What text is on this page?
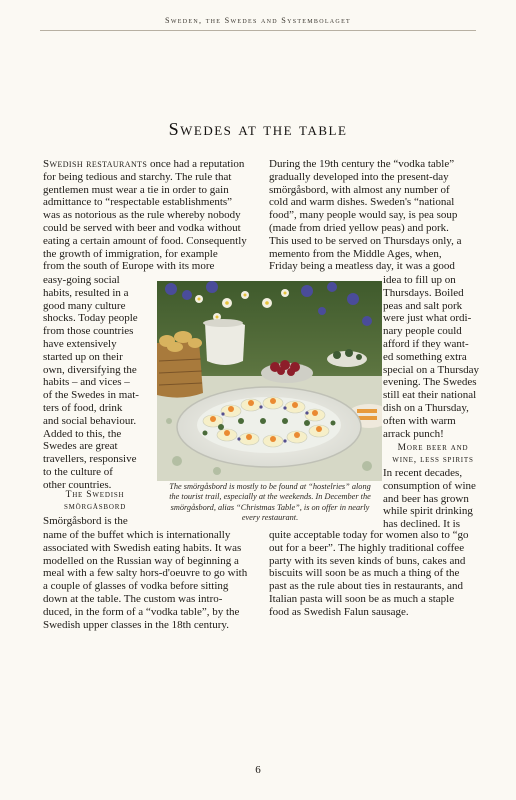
Sweden, the Swedes and Systembolaget
Swedes at the table
Swedish restaurants once had a reputation
for being tedious and starchy. The rule that
gentlemen must wear a tie in order to gain
admittance to “respectable establishments”
was as notorious as the rule whereby nobody
could be served with beer and vodka without
eating a certain amount of food. Consequently
the growth of immigration, for example
from the south of Europe with its more
easy-going social
habits, resulted in a
good many culture
shocks. Today people
from those countries
have extensively
started up on their
own, diversifying the
habits – and vices –
of the Swedes in mat-
ters of food, drink
and social behaviour.
Added to this, the
Swedes are great
travellers, responsive
to the culture of
other countries.
The Swedish
smörgåsbord
Smörgåsbord is the
name of the buffet which is internationally
associated with Swedish eating habits. It was
modelled on the Russian way of beginning a
meal with a few salty hors-d'oeuvre to go with
a couple of glasses of vodka before sitting
down at the table. The custom was intro-
duced, in the form of a “vodka table”, by the
Swedish upper classes in the 18th century.
During the 19th century the “vodka table”
gradually developed into the present-day
smörgåsbord, with almost any number of
cold and warm dishes. Sweden's “national
food”, many people would say, is pea soup
(made from dried yellow peas) and pork.
This used to be served on Thursdays only, a
memento from the Middle Ages, when,
Friday being a meatless day, it was a good
idea to fill up on
Thursdays. Boiled
peas and salt pork
were just what ordi-
nary people could
afford if they want-
ed something extra
special on a Thursday
evening. The Swedes
still eat their national
dish on a Thursday,
often with warm
arrack punch!
More beer and
wine, less spirits
In recent decades,
consumption of wine
and beer has grown
while spirit drinking
has declined. It is
quite acceptable today for women also to “go
out for a beer”. The highly traditional coffee
party with its seven kinds of buns, cakes and
biscuits will soon be as much a thing of the
past as the rule about ties in restaurants, and
Italian pasta will soon be as much a staple
food as Swedish Falun sausage.
The smörgåsbord is mostly to be found at “hostelries” along
the tourist trail, especially at the weekends. In December the
smörgåsbord, alias “Christmas Table”, is on offer in nearly
every restaurant.
6
